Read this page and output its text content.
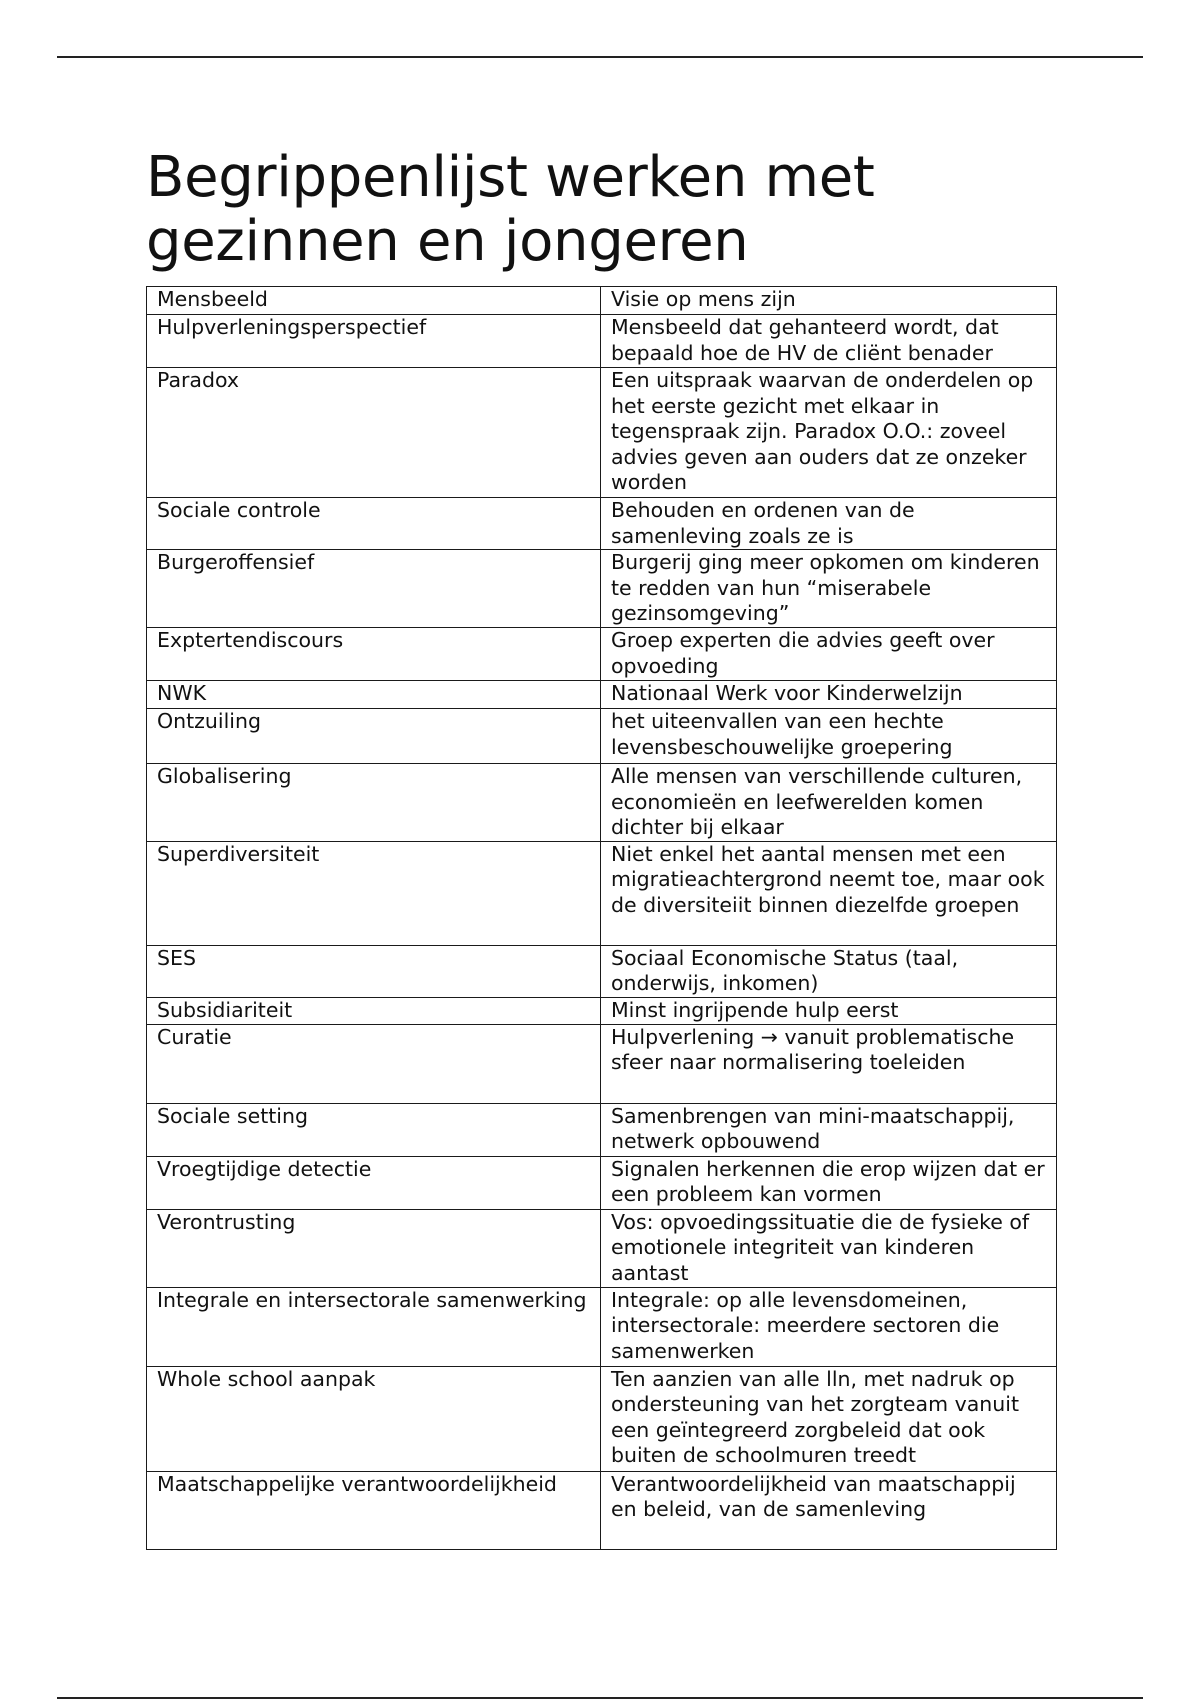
Begrippenlijst werken met gezinnen en jongeren
Mensbeeld	Visie op mens zijn
Hulpverleningsperspectief	Mensbeeld dat gehanteerd wordt, dat bepaald hoe de HV de cliënt benader
Paradox	Een uitspraak waarvan de onderdelen op het eerste gezicht met elkaar in tegenspraak zijn. Paradox O.O.: zoveel advies geven aan ouders dat ze onzeker worden
Sociale controle	Behouden en ordenen van de samenleving zoals ze is
Burgeroffensief	Burgerij ging meer opkomen om kinderen te redden van hun “miserabele gezinsomgeving”
Exptertendiscours	Groep experten die advies geeft over opvoeding
NWK	Nationaal Werk voor Kinderwelzijn
Ontzuiling	het uiteenvallen van een hechte levensbeschouwelijke groepering
Globalisering	Alle mensen van verschillende culturen, economieën en leefwerelden komen dichter bij elkaar
Superdiversiteit	Niet enkel het aantal mensen met een migratieachtergrond neemt toe, maar ook de diversiteiit binnen diezelfde groepen
SES	Sociaal Economische Status (taal, onderwijs, inkomen)
Subsidiariteit	Minst ingrijpende hulp eerst
Curatie	Hulpverlening → vanuit problematische sfeer naar normalisering toeleiden
Sociale setting	Samenbrengen van mini-maatschappij, netwerk opbouwend
Vroegtijdige detectie	Signalen herkennen die erop wijzen dat er een probleem kan vormen
Verontrusting	Vos: opvoedingssituatie die de fysieke of emotionele integriteit van kinderen aantast
Integrale en intersectorale samenwerking	Integrale: op alle levensdomeinen, intersectorale: meerdere sectoren die samenwerken
Whole school aanpak	Ten aanzien van alle lln, met nadruk op ondersteuning van het zorgteam vanuit een geïntegreerd zorgbeleid dat ook buiten de schoolmuren treedt
Maatschappelijke verantwoordelijkheid	Verantwoordelijkheid van maatschappij en beleid, van de samenleving
